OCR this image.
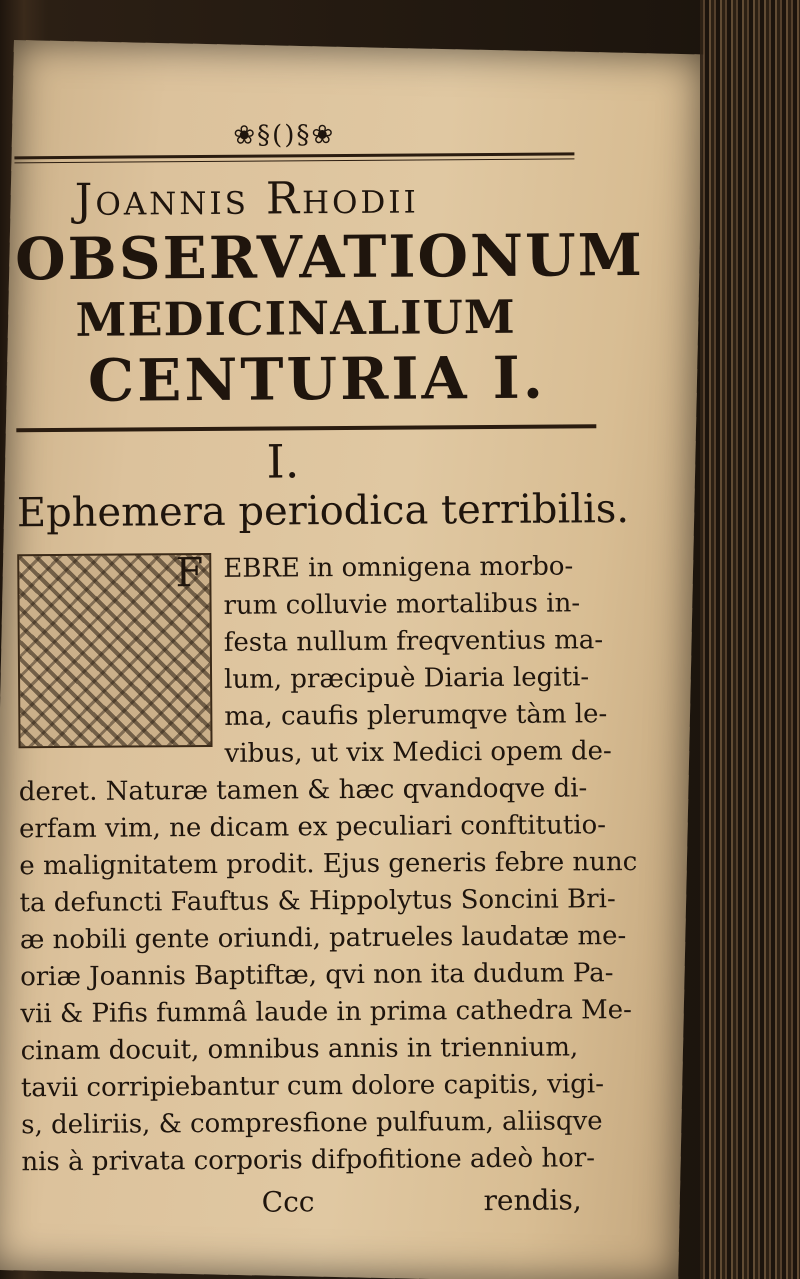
❀§()§❀
Joannis Rhodii
OBSERVATIONUM
MEDICINALIUM
CENTURIA I.
I.
Ephemera periodica terribilis.
F EBRE in omnigena morbo-
rum colluvie mortalibus in-
festa nullum freqventius ma-
lum, præcipuè Diaria legiti-
ma, caufis plerumqve tàm le-
vibus, ut vix Medici opem de-
deret. Naturæ tamen & hæc qvandoqve di-
erfam vim, ne dicam ex peculiari conftitutio-
e malignitatem prodit. Ejus generis febre nunc
ta defuncti Fauftus & Hippolytus Soncini Bri-
æ nobili gente oriundi, patrueles laudatæ me-
oriæ Joannis Baptiftæ, qvi non ita dudum Pa-
vii & Pifis fummâ laude in prima cathedra Me-
cinam docuit, omnibus annis in triennium,
tavii corripiebantur cum dolore capitis, vigi-
s, deliriis, & compresfione pulfuum, aliisqve
nis à privata corporis difpofitione adeò hor-
Ccc	rendis,
